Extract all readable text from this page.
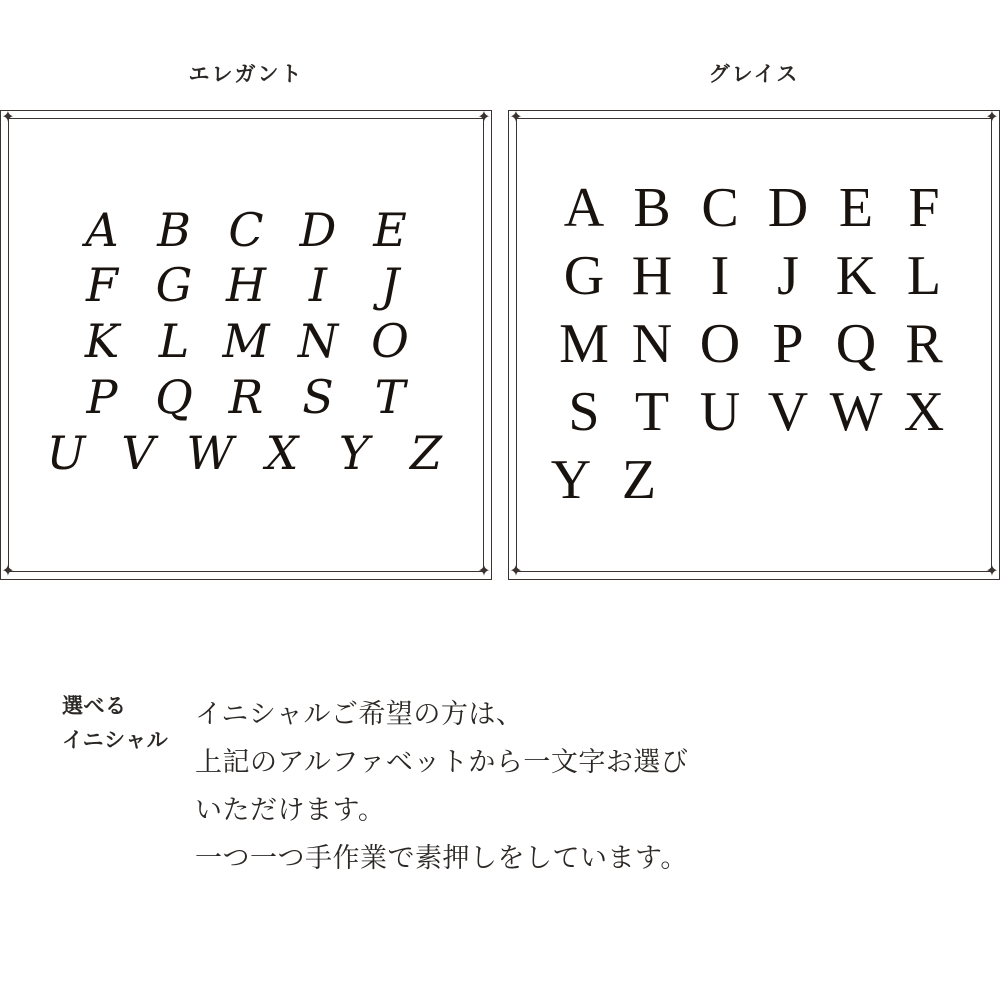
エレガント
✦	✦
✦	✦
A B C D E
F G H I	J
K L M N O
P Q R S T
U V W X Y Z
グレイス
✦	✦
✦	✦
A B C D E F
G H I J K L
M N O P Q R
S T U V W X
Y Z
選べる
イニシャル

イニシャルご希望の方は、

上記のアルファベットから一文字お選び

いただけます。

一つ一つ手作業で素押しをしています。
